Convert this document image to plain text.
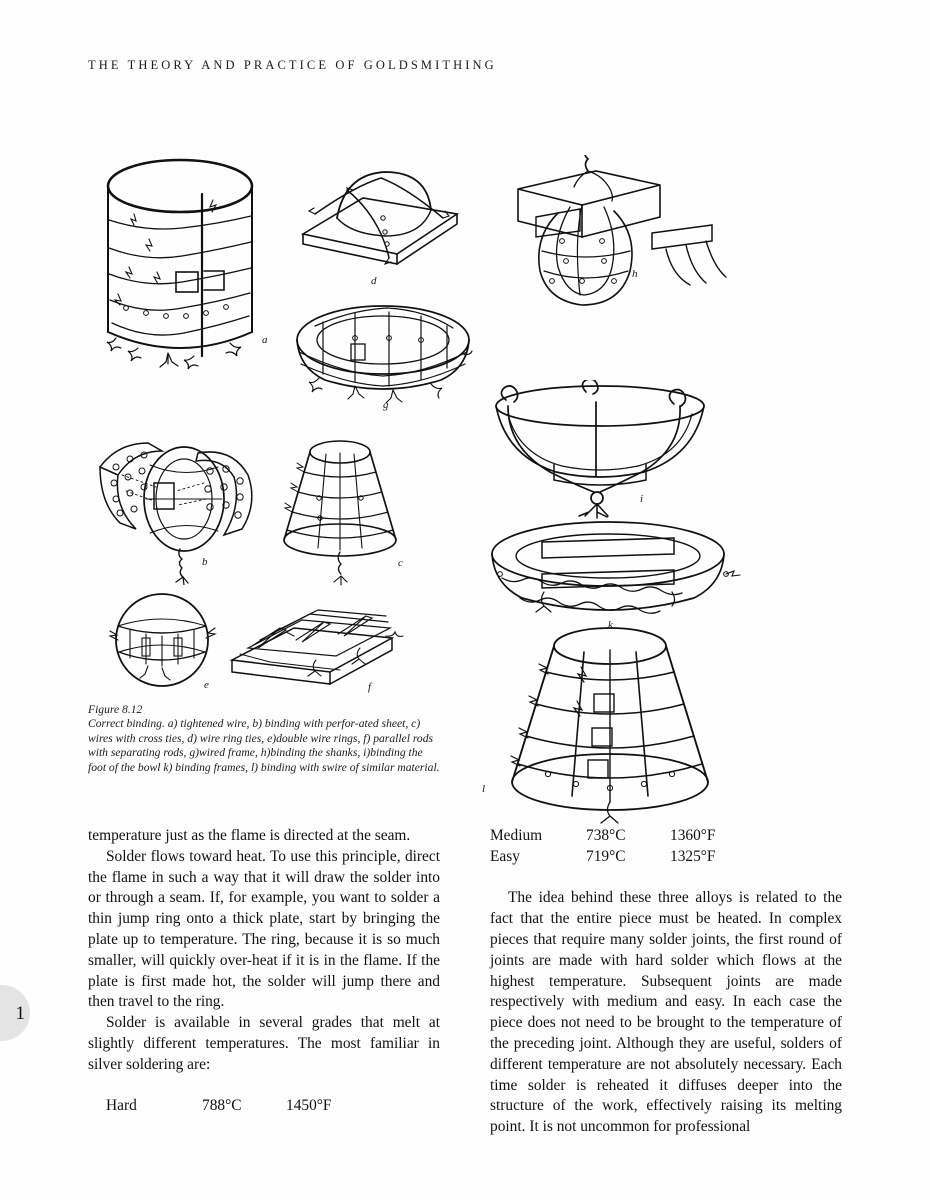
THE THEORY AND PRACTICE OF GOLDSMITHING
1
a
d
g
b	c
e	f
h
i
k
l
Figure 8.12
Correct binding. a) tightened wire, b) binding with perfor-ated sheet, c) wires with cross ties, d) wire ring ties, e)double wire rings, f) parallel rods with separating rods, g)wired frame, h)binding the shanks, i)binding the foot of the bowl k) binding frames, l) binding with swire of similar material.

temperature just as the flame is directed at the seam.

Solder flows toward heat. To use this principle, direct the flame in such a way that it will draw the solder into or through a seam. If, for example, you want to solder a thin jump ring onto a thick plate, start by bringing the plate up to temperature. The ring, because it is so much smaller, will quickly over-heat if it is in the flame. If the plate is first made hot, the solder will jump there and then travel to the ring.

Solder is available in several grades that melt at slightly different temperatures. The most familiar in silver soldering are:

Hard	788°C	1450°F
Medium	738°C	1360°F
Easy	719°C	1325°F

The idea behind these three alloys is related to the fact that the entire piece must be heated. In complex pieces that require many solder joints, the first round of joints are made with hard solder which flows at the highest temperature. Subsequent joints are made respectively with medium and easy. In each case the piece does not need to be brought to the temperature of the preceding joint. Although they are useful, solders of different temperature are not absolutely necessary. Each time solder is reheated it diffuses deeper into the structure of the work, effectively raising its melting point. It is not uncommon for professional
